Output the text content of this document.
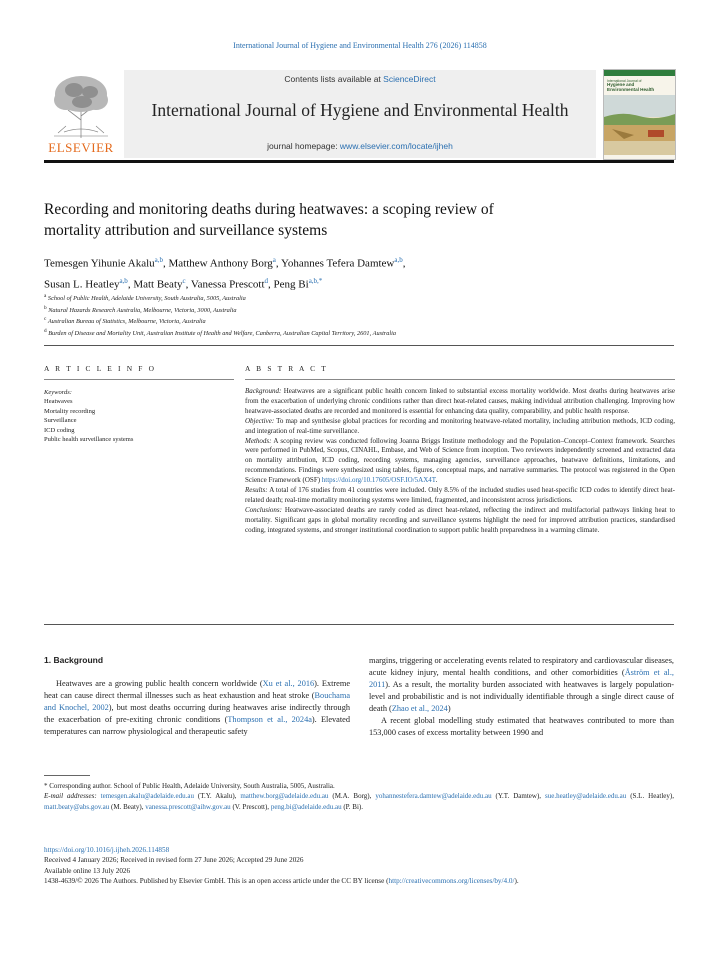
International Journal of Hygiene and Environmental Health 276 (2026) 114858
ELSEVIER
Contents lists available at ScienceDirect
International Journal of Hygiene and Environmental Health
journal homepage: www.elsevier.com/locate/ijheh
International Journal of
Hygiene and
Environmental Health
Recording and monitoring deaths during heatwaves: a scoping review of
mortality attribution and surveillance systems
Temesgen Yihunie Akalu$^{a,b}$, Matthew Anthony Borg$^a$, Yohannes Tefera Damtew$^{a,b}$,
Susan L. Heatley$^{a,b}$, Matt Beaty$^c$, Vanessa Prescott$^d$, Peng $Bi^{a,b,*}$
$^a$ School of Public Health, Adelaide University, South Australia, 5005, Australia
$^b$ Natural Hazards Research Australia, Melbourne, Victoria, 3000, Australia
$^c$ Australian Bureau of Statistics, Melbourne, Victoria, Australia
$^d$ Burden of Disease and Mortality Unit, Australian Institute of Health and Welfare, Canberra, Australian Capital Territory, 2601, Australia
A R T I C L E I N F O	A B S T R A C T
Keywords:
Heatwaves
Mortality recording
Surveillance
ICD coding
Public health surveillance systems

Background: Heatwaves are a significant public health concern linked to substantial excess mortality worldwide. Most deaths during heatwaves arise from the exacerbation of underlying chronic conditions rather than direct heat-related causes, making individual attribution challenging. Improving how heatwave-associated deaths are recorded and monitored is essential for enhancing data quality, comparability, and public health response.

Objective: To map and synthesise global practices for recording and monitoring heatwave-related mortality, including attribution methods, ICD coding, and integration of real-time surveillance.

Methods: A scoping review was conducted following Joanna Briggs Institute methodology and the Population–Concept–Context framework. Searches were performed in PubMed, Scopus, CINAHL, Embase, and Web of Science from inception. Two reviewers independently screened and extracted data on mortality attribution, ICD coding, recording systems, managing agencies, surveillance approaches, heatwave definitions, limitations, and recommendations. Findings were synthesized using tables, figures, conceptual maps, and narrative summaries. The protocol was registered in the Open Science Framework (OSF) https://doi.org/10.17605/OSF.IO/5AX4T.

Results: A total of 176 studies from 41 countries were included. Only 8.5% of the included studies used heat-specific ICD codes to identify direct heat-related death; real-time mortality monitoring systems were limited, fragmented, and inconsistent across jurisdictions.

Conclusions: Heatwave-associated deaths are rarely coded as direct heat-related, reflecting the indirect and multifactorial pathways linking heat to mortality. Significant gaps in global mortality recording and surveillance systems highlight the need for improved attribution practices, standardised coding, integrated systems, and stronger institutional coordination to support public health preparedness in a warming climate.

1. Background

Heatwaves are a growing public health concern worldwide (Xu et al., 2016). Extreme heat can cause direct thermal illnesses such as heat exhaustion and heat stroke (Bouchama and Knochel, 2002), but most deaths occurring during heatwaves arise indirectly through the exacerbation of pre-exiting chronic conditions (Thompson et al., 2024a). Elevated temperatures can narrow physiological and therapeutic safety

margins, triggering or accelerating events related to respiratory and cardiovascular diseases, acute kidney injury, mental health conditions, and other comorbidities (Åström et al., 2011). As a result, the mortality burden associated with heatwaves is largely population-level and probabilistic and is not individually identifiable through a single direct cause of death (Zhao et al., 2024)

A recent global modelling study estimated that heatwaves contributed to more than 153,000 cases of excess mortality between 1990 and

* Corresponding author. School of Public Health, Adelaide University, South Australia, 5005, Australia.

E-mail addresses: temesgen.akalu@adelaide.edu.au (T.Y. Akalu), matthew.borg@adelaide.edu.au (M.A. Borg), yohannestefera.damtew@adelaide.edu.au (Y.T. Damtew), sue.heatley@adelaide.edu.au (S.L. Heatley), matt.beaty@abs.gov.au (M. Beaty), vanessa.prescott@aihw.gov.au (V. Prescott), peng.bi@adelaide.edu.au (P. Bi).

https://doi.org/10.1016/j.ijheh.2026.114858

Received 4 January 2026; Received in revised form 27 June 2026; Accepted 29 June 2026

Available online 13 July 2026

1438-4639/© 2026 The Authors. Published by Elsevier GmbH. This is an open access article under the CC BY license (http://creativecommons.org/licenses/by/4.0/).
